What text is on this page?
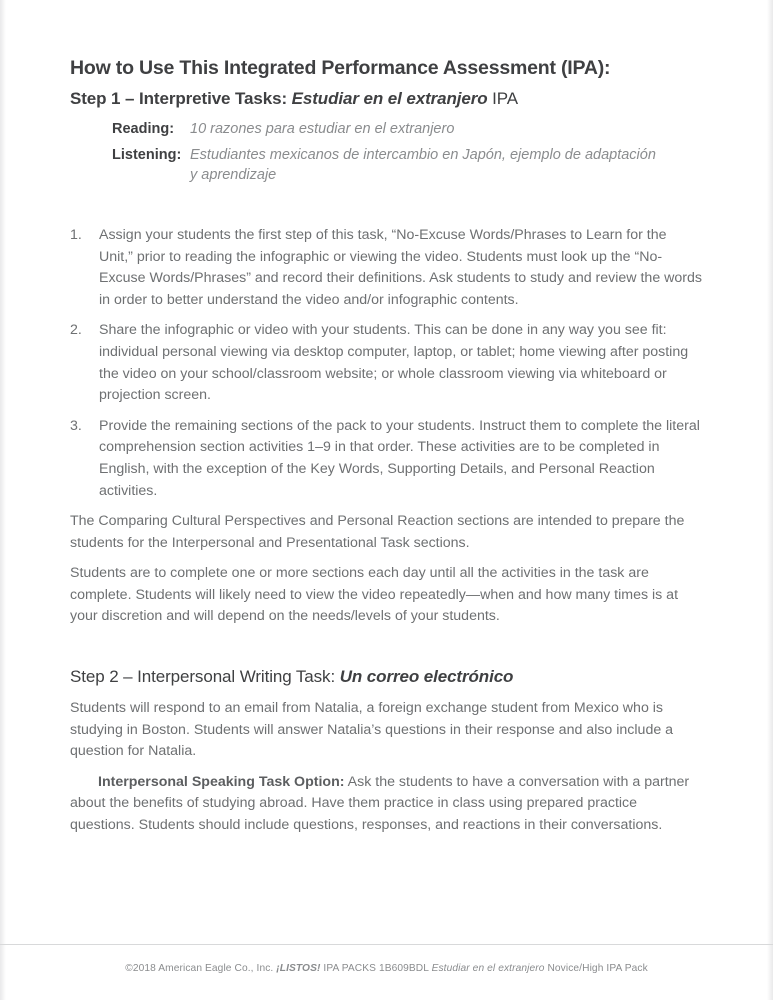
How to Use This Integrated Performance Assessment (IPA):
Step 1 – Interpretive Tasks: Estudiar en el extranjero IPA
Reading:	10 razones para estudiar en el extranjero
Listening: Estudiantes mexicanos de intercambio en Japón, ejemplo de adaptación y aprendizaje
1.	Assign your students the first step of this task, “No-Excuse Words/Phrases to Learn for the Unit,” prior to reading the infographic or viewing the video. Students must look up the “No-Excuse Words/Phrases” and record their definitions. Ask students to study and review the words in order to better understand the video and/or infographic contents.
2.	Share the infographic or video with your students. This can be done in any way you see fit: individual personal viewing via desktop computer, laptop, or tablet; home viewing after posting the video on your school/classroom website; or whole classroom viewing via whiteboard or projection screen.
3.	Provide the remaining sections of the pack to your students. Instruct them to complete the literal comprehension section activities 1–9 in that order. These activities are to be completed in English, with the exception of the Key Words, Supporting Details, and Personal Reaction activities.

The Comparing Cultural Perspectives and Personal Reaction sections are intended to prepare the students for the Interpersonal and Presentational Task sections.

Students are to complete one or more sections each day until all the activities in the task are complete. Students will likely need to view the video repeatedly—when and how many times is at your discretion and will depend on the needs/levels of your students.

Step 2 – Interpersonal Writing Task: Un correo electrónico

Students will respond to an email from Natalia, a foreign exchange student from Mexico who is studying in Boston. Students will answer Natalia’s questions in their response and also include a question for Natalia.

Interpersonal Speaking Task Option: Ask the students to have a conversation with a partner about the benefits of studying abroad. Have them practice in class using prepared practice questions. Students should include questions, responses, and reactions in their conversations.

©2018 American Eagle Co., Inc. ¡LISTOS! IPA PACKS 1B609BDL Estudiar en el extranjero Novice/High IPA Pack
